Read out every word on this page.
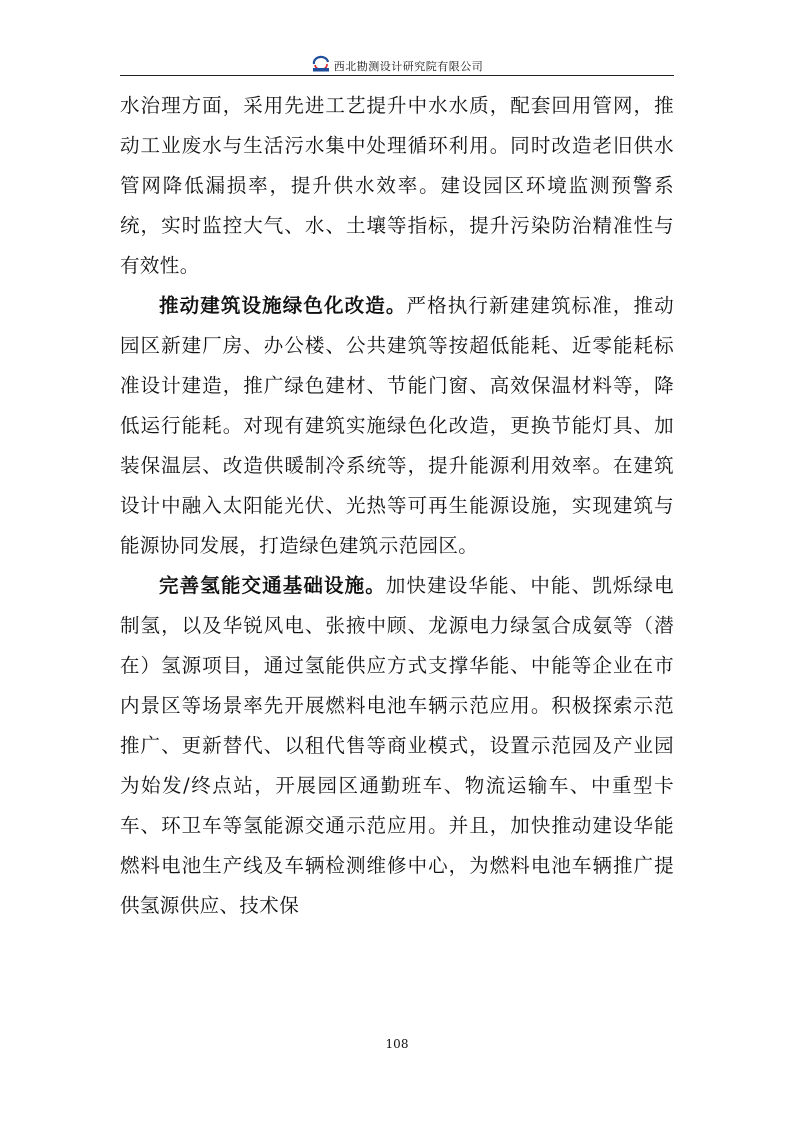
西北勘测设计研究院有限公司

水治理方面，采用先进工艺提升中水水质，配套回用管网，推动工业废水与生活污水集中处理循环利用。同时改造老旧供水管网降低漏损率，提升供水效率。建设园区环境监测预警系统，实时监控大气、水、土壤等指标，提升污染防治精准性与有效性。

推动建筑设施绿色化改造。严格执行新建建筑标准，推动园区新建厂房、办公楼、公共建筑等按超低能耗、近零能耗标准设计建造，推广绿色建材、节能门窗、高效保温材料等，降低运行能耗。对现有建筑实施绿色化改造，更换节能灯具、加装保温层、改造供暖制冷系统等，提升能源利用效率。在建筑设计中融入太阳能光伏、光热等可再生能源设施，实现建筑与能源协同发展，打造绿色建筑示范园区。

完善氢能交通基础设施。加快建设华能、中能、凯烁绿电制氢，以及华锐风电、张掖中顾、龙源电力绿氢合成氨等（潜在）氢源项目，通过氢能供应方式支撑华能、中能等企业在市内景区等场景率先开展燃料电池车辆示范应用。积极探索示范推广、更新替代、以租代售等商业模式，设置示范园及产业园为始发/终点站，开展园区通勤班车、物流运输车、中重型卡车、环卫车等氢能源交通示范应用。并且，加快推动建设华能燃料电池生产线及车辆检测维修中心，为燃料电池车辆推广提供氢源供应、技术保

108
